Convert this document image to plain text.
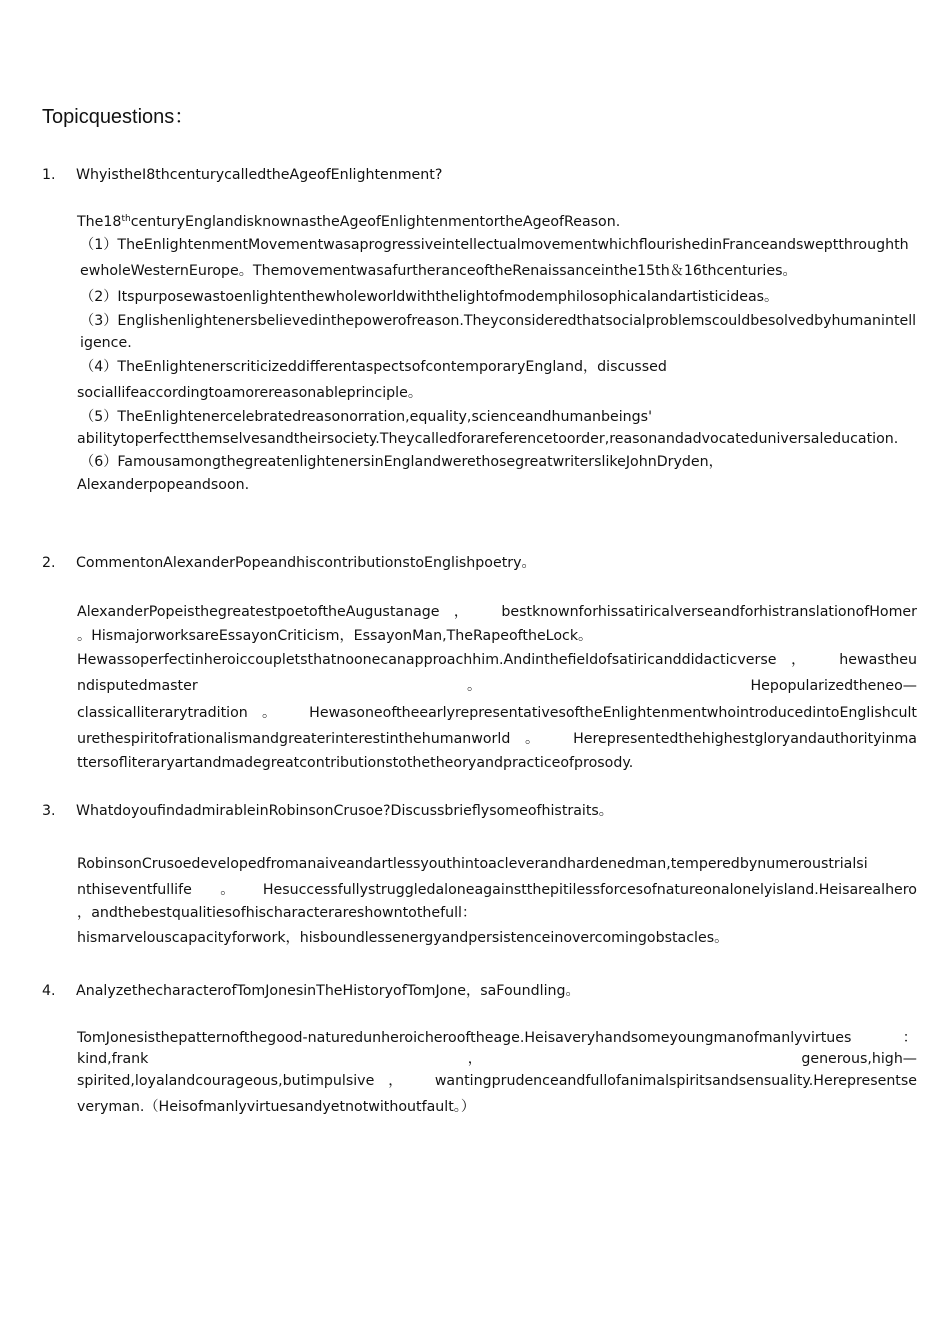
Topicquestions：
1. WhyistheI8thcenturycalledtheAgeofEnlightenment?

The18thcenturyEnglandisknownastheAgeofEnlightenmentortheAgeofReason.

（1）TheEnlightenmentMovementwasaprogressiveintellectualmovementwhichflourishedinFranceandsweptthroughthewholeWesternEurope。ThemovementwasafurtheranceoftheRenaissanceinthe15th＆16thcenturies。

（2）Itspurposewastoenlightenthewholeworldwiththelightofmodemphilosophicalandartisticideas。

（3）Englishenlightenersbelievedinthepowerofreason.Theyconsideredthatsocialproblemscouldbesolvedbyhumanintelligence.

（4）TheEnlightenerscriticizeddifferentaspectsofcontemporaryEngland，discussed

sociallifeaccordingtoamorereasonableprinciple。

（5）TheEnlightenercelebratedreasonorration,equality,scienceandhumanbeings'

abilitytoperfectthemselvesandtheirsociety.Theycalledforareferencetoorder,reasonandadvocateduniversaleducation.

（6）FamousamongthegreatenlightenersinEnglandwerethosegreatwriterslikeJohnDryden，

Alexanderpopeandsoon.

2. CommentonAlexanderPopeandhiscontributionstoEnglishpoetry。

AlexanderPopeisthegreatestpoetoftheAugustanage， bestknownforhissatiricalverseandforhistranslationofHomer

。HismajorworksareEssayonCriticism，EssayonMan,TheRapeoftheLock。

Hewassoperfectinheroiccoupletsthatnoonecanapproachhim.Andinthefieldofsatiricanddidacticverse， hewastheu

ndisputedmaster	。	Hepopularizedtheneo—

classicalliterarytradition。 HewasoneoftheearlyrepresentativesoftheEnlightenmentwhointroducedintoEnglishcult

urethespiritofrationalismandgreaterinterestinthehumanworld。 Herepresentedthehighestgloryandauthorityinma

ttersofliteraryartandmadegreatcontributionstothetheoryandpracticeofprosody.

3. WhatdoyoufindadmirableinRobinsonCrusoe?Discussbrieflysomeofhistraits。

RobinsonCrusoedevelopedfromanaivеandartlessyouthintoacleverandhardenedman,temperedbynumeroustrialsi

nthiseventfullife。Hesuccessfullystruggledaloneagainstthepitilessforcesofnatureonalonelyisland.Heisarealhero

，andthebestqualitiesofhischaracterareshowntothefull：

hismarvelouscapacityforwork，hisboundlessenergyandpersistenceinovercomingobstacles。

4. AnalyzethecharacterofTomJonesinTheHistoryofTomJone，saFoundling。

TomJonesisthepatternofthegood-naturedunheroicherooftheage.Heisaveryhandsomeyoungmanofmanlyvirtues ：

kind,frank	，	generous,high—

spirited,loyalandcourageous,butimpulsive， wantingprudenceandfullofanimalspiritsandsensuality.Herepresentse

veryman.（Heisofmanlyvirtuesandyetnotwithoutfault。）
